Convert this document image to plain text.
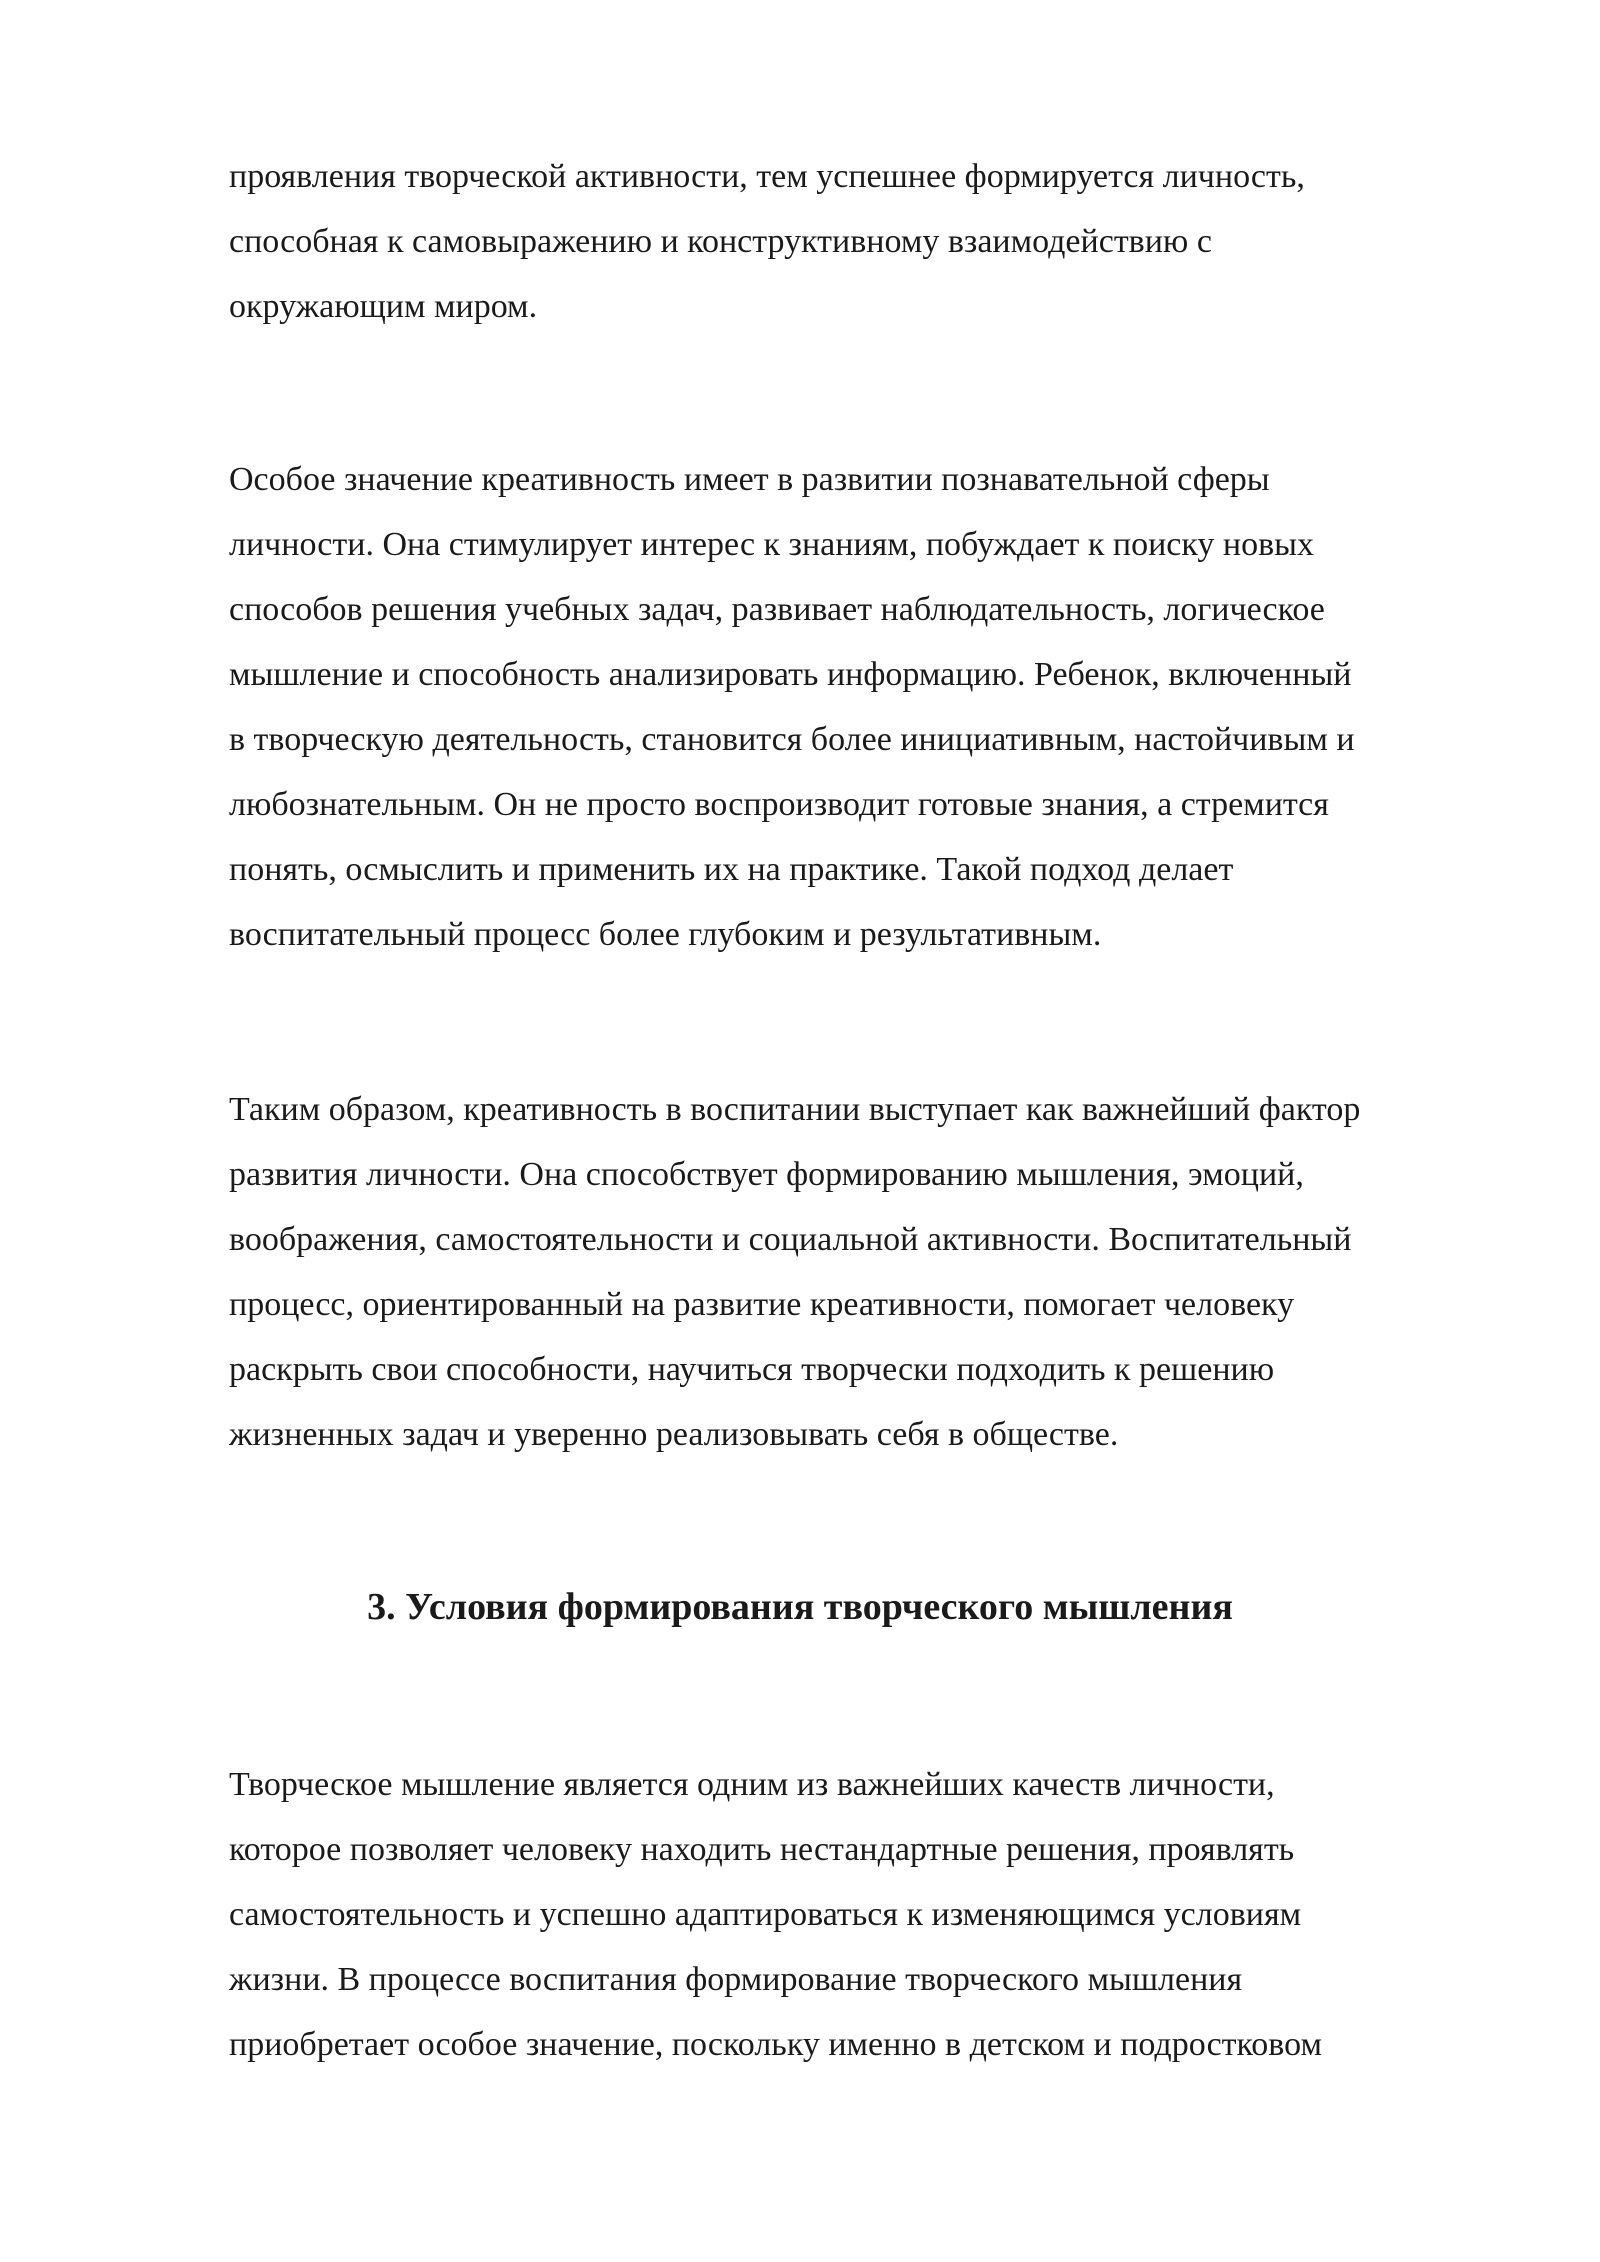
проявления творческой активности, тем успешнее формируется личность,
способная к самовыражению и конструктивному взаимодействию с
окружающим миром.
Особое значение креативность имеет в развитии познавательной сферы
личности. Она стимулирует интерес к знаниям, побуждает к поиску новых
способов решения учебных задач, развивает наблюдательность, логическое
мышление и способность анализировать информацию. Ребенок, включенный
в творческую деятельность, становится более инициативным, настойчивым и
любознательным. Он не просто воспроизводит готовые знания, а стремится
понять, осмыслить и применить их на практике. Такой подход делает
воспитательный процесс более глубоким и результативным.
Таким образом, креативность в воспитании выступает как важнейший фактор
развития личности. Она способствует формированию мышления, эмоций,
воображения, самостоятельности и социальной активности. Воспитательный
процесс, ориентированный на развитие креативности, помогает человеку
раскрыть свои способности, научиться творчески подходить к решению
жизненных задач и уверенно реализовывать себя в обществе.
3. Условия формирования творческого мышления
Творческое мышление является одним из важнейших качеств личности,
которое позволяет человеку находить нестандартные решения, проявлять
самостоятельность и успешно адаптироваться к изменяющимся условиям
жизни. В процессе воспитания формирование творческого мышления
приобретает особое значение, поскольку именно в детском и подростковом
